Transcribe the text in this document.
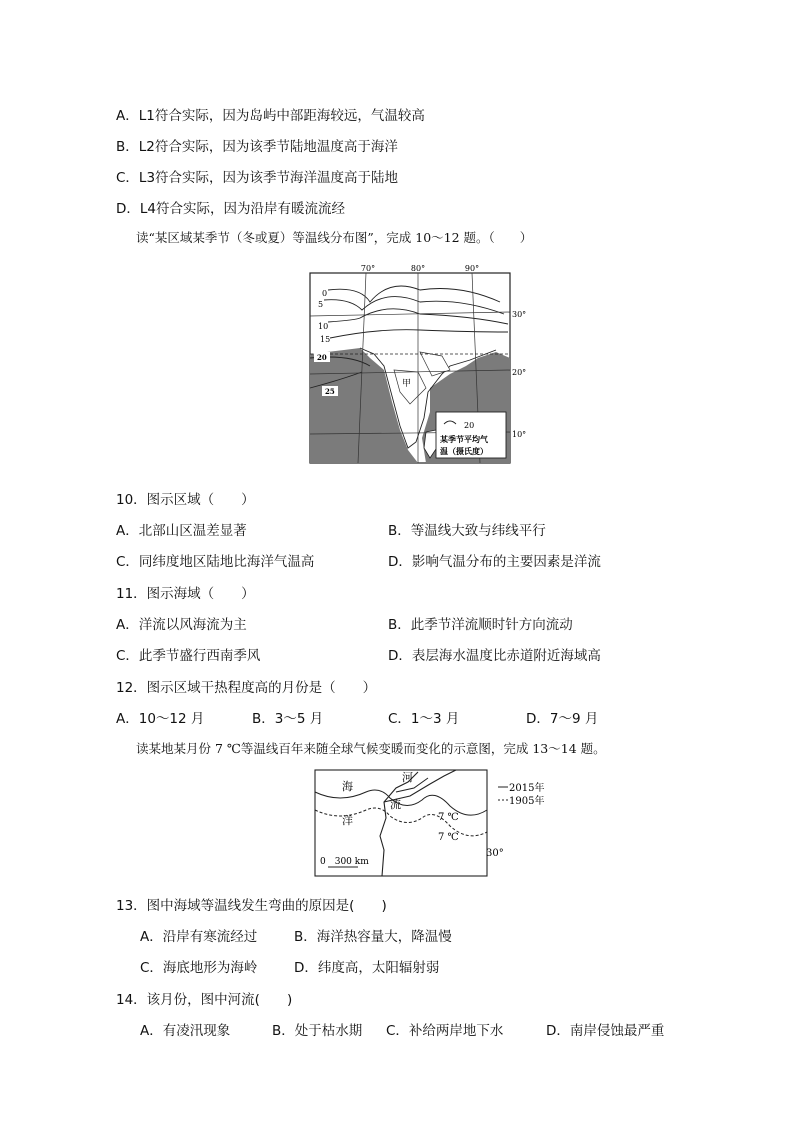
A．L1符合实际，因为岛屿中部距海较远，气温较高
B．L2符合实际，因为该季节陆地温度高于海洋
C．L3符合实际，因为该季节海洋温度高于陆地
D．L4符合实际，因为沿岸有暖流流经
读“某区域某季节（冬或夏）等温线分布图”，完成 10～12 题。（　　）
70°	80°	90°
0
5
10
15
20
25
甲
30°
20°
10°
20
某季节平均气
温（摄氏度）
10．图示区域（　　）
A．北部山区温差显著	B．等温线大致与纬线平行
C．同纬度地区陆地比海洋气温高	D．影响气温分布的主要因素是洋流
11．图示海域（　　）
A．洋流以风海流为主	B．此季节洋流顺时针方向流动
C．此季节盛行西南季风	D．表层海水温度比赤道附近海域高
12．图示区域干热程度高的月份是（　　）
A．10～12 月	B．3～5 月	C．1～3 月	D．7～9 月
读某地某月份 7 ℃等温线百年来随全球气候变暖而变化的示意图，完成 13～14 题。
海
洋
河
流
7 ℃
7 ℃
0　300 km
30°
2015年
1905年
13．图中海域等温线发生弯曲的原因是(　　)
A．沿岸有寒流经过	B．海洋热容量大，降温慢
C．海底地形为海岭	D．纬度高，太阳辐射弱
14．该月份，图中河流(　　)
A．有凌汛现象	B．处于枯水期 C．补给两岸地下水	D．南岸侵蚀最严重
